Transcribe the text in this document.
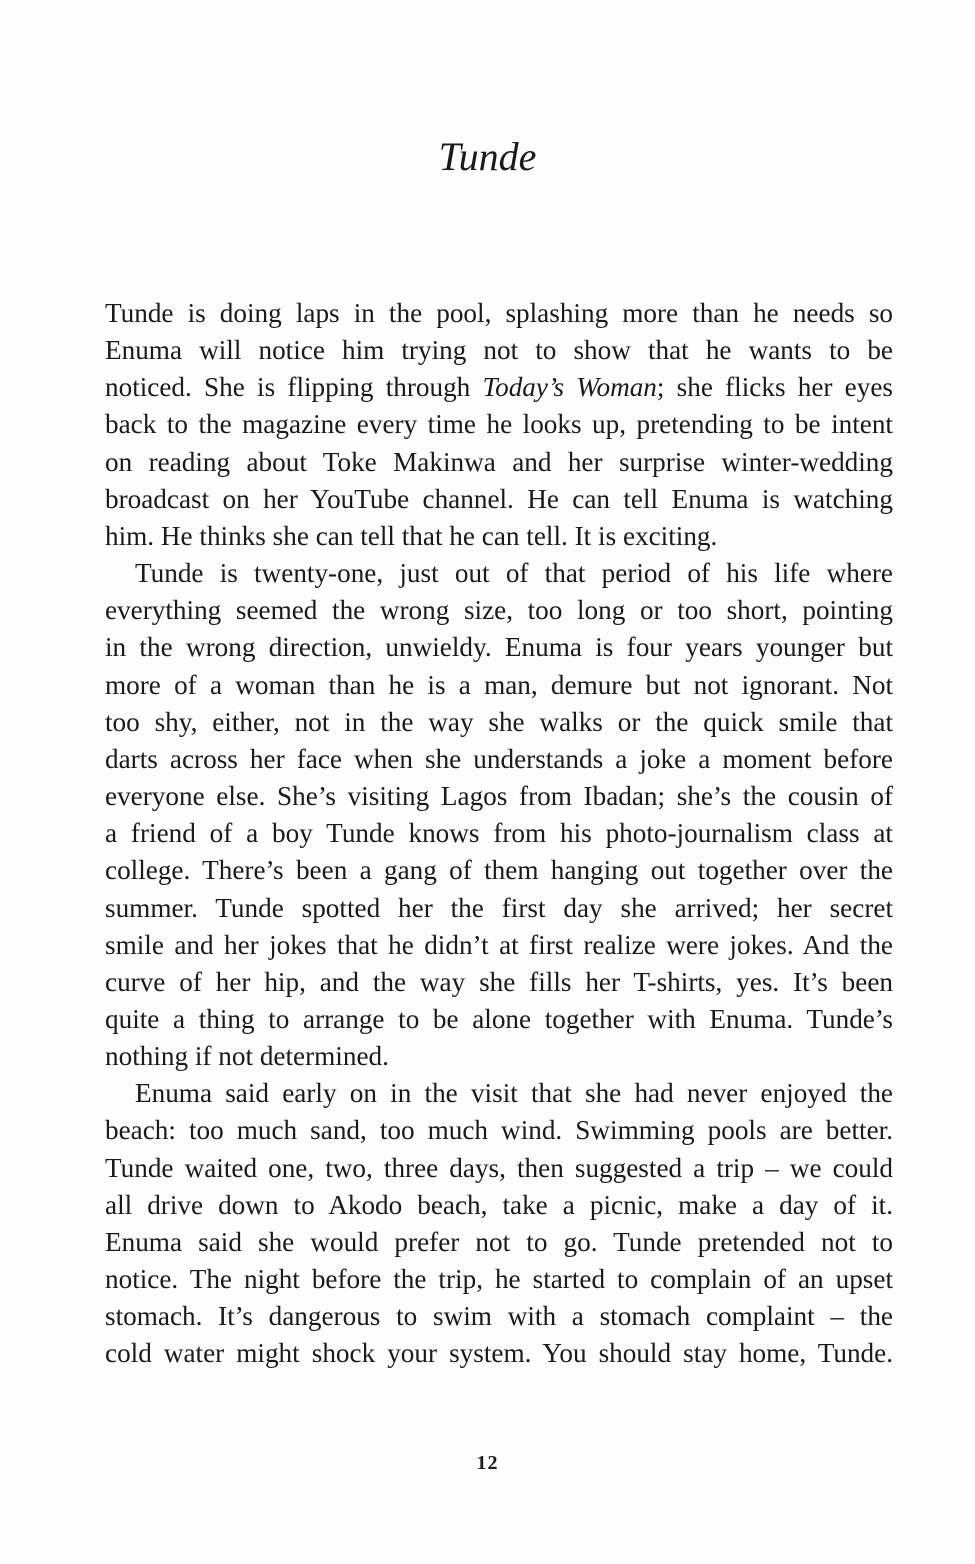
Tunde

Tunde is doing laps in the pool, splashing more than he needs so
Enuma will notice him trying not to show that he wants to be
noticed. She is flipping through Today’s Woman; she flicks her eyes
back to the magazine every time he looks up, pretending to be intent
on reading about Toke Makinwa and her surprise winter-wedding
broadcast on her YouTube channel. He can tell Enuma is watching
him. He thinks she can tell that he can tell. It is exciting.

Tunde is twenty-one, just out of that period of his life where
everything seemed the wrong size, too long or too short, pointing
in the wrong direction, unwieldy. Enuma is four years younger but
more of a woman than he is a man, demure but not ignorant. Not
too shy, either, not in the way she walks or the quick smile that
darts across her face when she understands a joke a moment before
everyone else. She’s visiting Lagos from Ibadan; she’s the cousin of
a friend of a boy Tunde knows from his photo-journalism class at
college. There’s been a gang of them hanging out together over the
summer. Tunde spotted her the first day she arrived; her secret
smile and her jokes that he didn’t at first realize were jokes. And the
curve of her hip, and the way she fills her T-shirts, yes. It’s been
quite a thing to arrange to be alone together with Enuma. Tunde’s
nothing if not determined.

Enuma said early on in the visit that she had never enjoyed the
beach: too much sand, too much wind. Swimming pools are better.
Tunde waited one, two, three days, then suggested a trip – we could
all drive down to Akodo beach, take a picnic, make a day of it.
Enuma said she would prefer not to go. Tunde pretended not to
notice. The night before the trip, he started to complain of an upset
stomach. It’s dangerous to swim with a stomach complaint – the
cold water might shock your system. You should stay home, Tunde.

12
